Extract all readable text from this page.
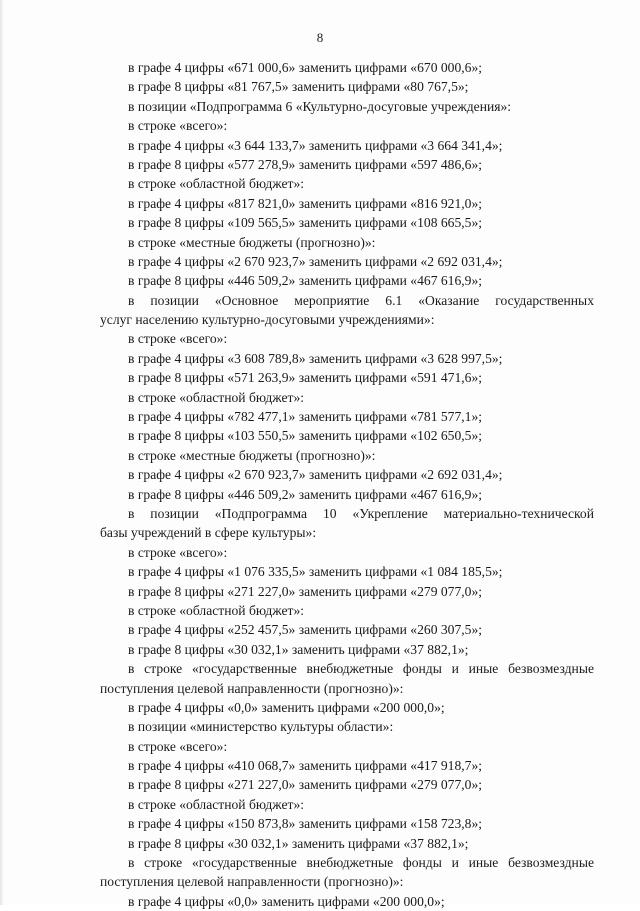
8
в графе 4 цифры «671 000,6» заменить цифрами «670 000,6»;
в графе 8 цифры «81 767,5» заменить цифрами «80 767,5»;
в позиции «Подпрограмма 6 «Культурно-досуговые учреждения»:
в строке «всего»:
в графе 4 цифры «3 644 133,7» заменить цифрами «3 664 341,4»;
в графе 8 цифры «577 278,9» заменить цифрами «597 486,6»;
в строке «областной бюджет»:
в графе 4 цифры «817 821,0» заменить цифрами «816 921,0»;
в графе 8 цифры «109 565,5» заменить цифрами «108 665,5»;
в строке «местные бюджеты (прогнозно)»:
в графе 4 цифры «2 670 923,7» заменить цифрами «2 692 031,4»;
в графе 8 цифры «446 509,2» заменить цифрами «467 616,9»;
в позиции «Основное мероприятие 6.1 «Оказание государственных
услуг населению культурно-досуговыми учреждениями»:
в строке «всего»:
в графе 4 цифры «3 608 789,8» заменить цифрами «3 628 997,5»;
в графе 8 цифры «571 263,9» заменить цифрами «591 471,6»;
в строке «областной бюджет»:
в графе 4 цифры «782 477,1» заменить цифрами «781 577,1»;
в графе 8 цифры «103 550,5» заменить цифрами «102 650,5»;
в строке «местные бюджеты (прогнозно)»:
в графе 4 цифры «2 670 923,7» заменить цифрами «2 692 031,4»;
в графе 8 цифры «446 509,2» заменить цифрами «467 616,9»;
в позиции «Подпрограмма 10 «Укрепление материально-технической
базы учреждений в сфере культуры»:
в строке «всего»:
в графе 4 цифры «1 076 335,5» заменить цифрами «1 084 185,5»;
в графе 8 цифры «271 227,0» заменить цифрами «279 077,0»;
в строке «областной бюджет»:
в графе 4 цифры «252 457,5» заменить цифрами «260 307,5»;
в графе 8 цифры «30 032,1» заменить цифрами «37 882,1»;
в строке «государственные внебюджетные фонды и иные безвозмездные
поступления целевой направленности (прогнозно)»:
в графе 4 цифры «0,0» заменить цифрами «200 000,0»;
в позиции «министерство культуры области»:
в строке «всего»:
в графе 4 цифры «410 068,7» заменить цифрами «417 918,7»;
в графе 8 цифры «271 227,0» заменить цифрами «279 077,0»;
в строке «областной бюджет»:
в графе 4 цифры «150 873,8» заменить цифрами «158 723,8»;
в графе 8 цифры «30 032,1» заменить цифрами «37 882,1»;
в строке «государственные внебюджетные фонды и иные безвозмездные
поступления целевой направленности (прогнозно)»:
в графе 4 цифры «0,0» заменить цифрами «200 000,0»;
